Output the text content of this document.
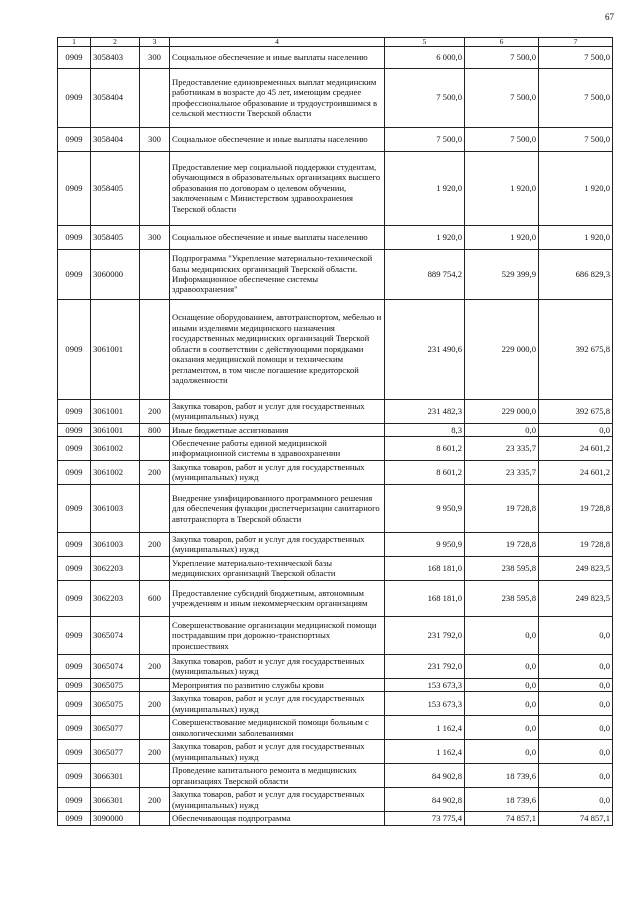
67
1	2	3	4	5	6	7
0909	3058403	300	Социальное обеспечение и иные выплаты населению	6 000,0	7 500,0	7 500,0
0909	3058404		Предоставление единовременных выплат медицинским работникам в возрасте до 45 лет, имеющим среднее профессиональное образование и трудоустроившимся в сельской местности Тверской области	7 500,0	7 500,0	7 500,0
0909	3058404	300	Социальное обеспечение и иные выплаты населению	7 500,0	7 500,0	7 500,0
0909	3058405		Предоставление мер социальной поддержки студентам, обучающимся в образовательных организациях высшего образования по договорам о целевом обучении, заключенным с Министерством здравоохранения Тверской области	1 920,0	1 920,0	1 920,0
0909	3058405	300	Социальное обеспечение и иные выплаты населению	1 920,0	1 920,0	1 920,0
0909	3060000		Подпрограмма "Укрепление материально-технической базы медицинских организаций Тверской области. Информационное обеспечение системы здравоохранения"	889 754,2	529 399,9	686 829,3
0909	3061001		Оснащение оборудованием, автотранспортом, мебелью и иными изделиями медицинского назначения государственных медицинских организаций Тверской области в соответствии с действующими порядками оказания медицинской помощи и техническим регламентом, в том числе погашение кредиторской задолженности	231 490,6	229 000,0	392 675,8
0909	3061001	200	Закупка товаров, работ и услуг для государственных (муниципальных) нужд	231 482,3	229 000,0	392 675,8
0909	3061001	800	Иные бюджетные ассигнования	8,3	0,0	0,0
0909	3061002		Обеспечение работы единой медицинской информационной системы в здравоохранении	8 601,2	23 335,7	24 601,2
0909	3061002	200	Закупка товаров, работ и услуг для государственных (муниципальных) нужд	8 601,2	23 335,7	24 601,2
0909	3061003		Внедрение унифицированного программного решения для обеспечения функции диспетчеризации санитарного автотранспорта в Тверской области	9 950,9	19 728,8	19 728,8
0909	3061003	200	Закупка товаров, работ и услуг для государственных (муниципальных) нужд	9 950,9	19 728,8	19 728,8
0909	3062203		Укрепление материально-технической базы медицинских организаций Тверской области	168 181,0	238 595,8	249 823,5
0909	3062203	600	Предоставление субсидий бюджетным, автономным учреждениям и иным некоммерческим организациям	168 181,0	238 595,8	249 823,5
0909	3065074		Совершенствование организации медицинской помощи пострадавшим при дорожно-транспортных происшествиях	231 792,0	0,0	0,0
0909	3065074	200	Закупка товаров, работ и услуг для государственных (муниципальных) нужд	231 792,0	0,0	0,0
0909	3065075		Мероприятия по развитию службы крови	153 673,3	0,0	0,0
0909	3065075	200	Закупка товаров, работ и услуг для государственных (муниципальных) нужд	153 673,3	0,0	0,0
0909	3065077		Совершенствование медицинской помощи больным с онкологическими заболеваниями	1 162,4	0,0	0,0
0909	3065077	200	Закупка товаров, работ и услуг для государственных (муниципальных) нужд	1 162,4	0,0	0,0
0909	3066301		Проведение капитального ремонта в медицинских организациях Тверской области	84 902,8	18 739,6	0,0
0909	3066301	200	Закупка товаров, работ и услуг для государственных (муниципальных) нужд	84 902,8	18 739,6	0,0
0909	3090000		Обеспечивающая подпрограмма	73 775,4	74 857,1	74 857,1
